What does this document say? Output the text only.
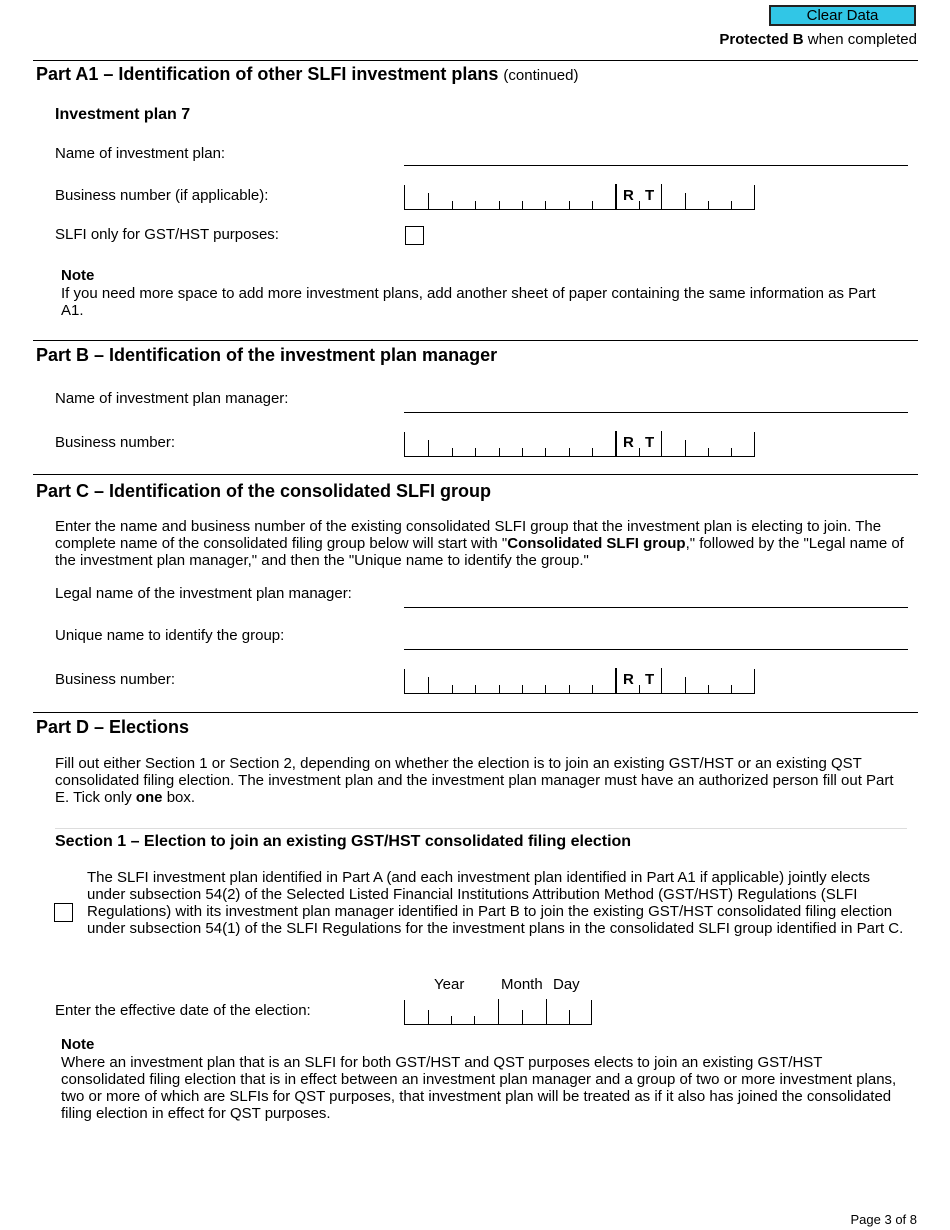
Clear Data
Protected B when completed
Part A1 – Identification of other SLFI investment plans (continued)
Investment plan 7
Name of investment plan:
Business number (if applicable):	R T
SLFI only for GST/HST purposes:
Note
If you need more space to add more investment plans, add another sheet of paper containing the same information as Part A1.
Part B – Identification of the investment plan manager
Name of investment plan manager:
Business number:	R T
Part C – Identification of the consolidated SLFI group
Enter the name and business number of the existing consolidated SLFI group that the investment plan is electing to join. The complete name of the consolidated filing group below will start with "Consolidated SLFI group," followed by the "Legal name of the investment plan manager," and then the "Unique name to identify the group."
Legal name of the investment plan manager:
Unique name to identify the group:
Business number:	R T
Part D – Elections
Fill out either Section 1 or Section 2, depending on whether the election is to join an existing GST/HST or an existing QST consolidated filing election. The investment plan and the investment plan manager must have an authorized person fill out Part E. Tick only one box.
Section 1 – Election to join an existing GST/HST consolidated filing election
The SLFI investment plan identified in Part A (and each investment plan identified in Part A1 if applicable) jointly elects under subsection 54(2) of the Selected Listed Financial Institutions Attribution Method (GST/HST) Regulations (SLFI Regulations) with its investment plan manager identified in Part B to join the existing GST/HST consolidated filing election under subsection 54(1) of the SLFI Regulations for the investment plans in the consolidated SLFI group identified in Part C.
Year Month Day
Enter the effective date of the election:
Note
Where an investment plan that is an SLFI for both GST/HST and QST purposes elects to join an existing GST/HST consolidated filing election that is in effect between an investment plan manager and a group of two or more investment plans, two or more of which are SLFIs for QST purposes, that investment plan will be treated as if it also has joined the consolidated filing election in effect for QST purposes.
Page 3 of 8
